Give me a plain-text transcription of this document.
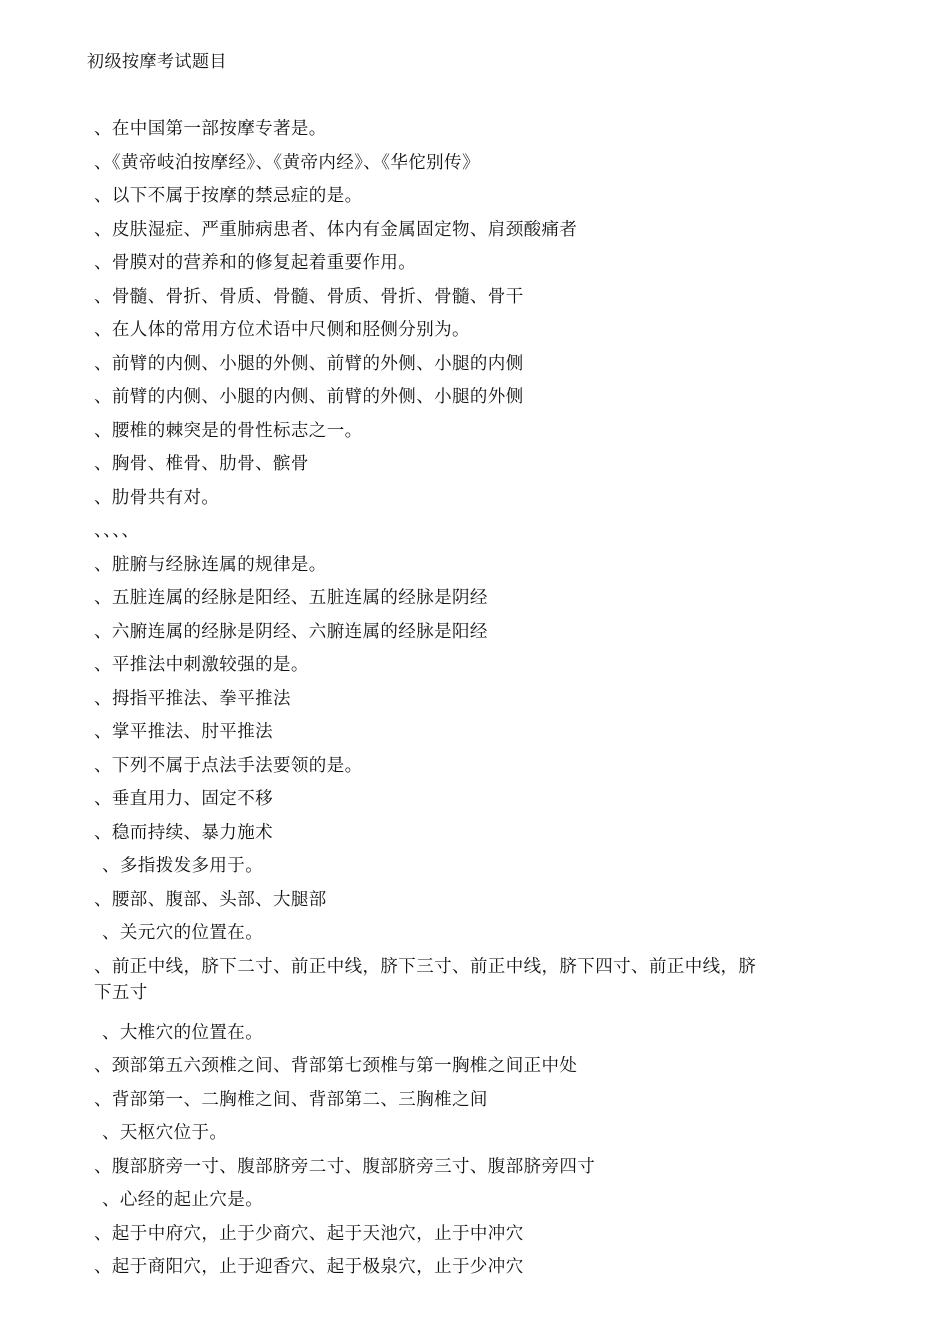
初级按摩考试题目
、在中国第一部按摩专著是。
、《黄帝岐泊按摩经》、《黄帝内经》、《华佗别传》
、以下不属于按摩的禁忌症的是。
、皮肤湿症、严重肺病患者、体内有金属固定物、肩颈酸痛者
、骨膜对的营养和的修复起着重要作用。
、骨髓、骨折、骨质、骨髓、骨质、骨折、骨髓、骨干
、在人体的常用方位术语中尺侧和胫侧分别为。
、前臂的内侧、小腿的外侧、前臂的外侧、小腿的内侧
、前臂的内侧、小腿的内侧、前臂的外侧、小腿的外侧
、腰椎的棘突是的骨性标志之一。
、胸骨、椎骨、肋骨、髌骨
、肋骨共有对。
、、、、
、脏腑与经脉连属的规律是。
、五脏连属的经脉是阳经、五脏连属的经脉是阴经
、六腑连属的经脉是阴经、六腑连属的经脉是阳经
、平推法中刺激较强的是。
、拇指平推法、拳平推法
、掌平推法、肘平推法
、下列不属于点法手法要领的是。
、垂直用力、固定不移
、稳而持续、暴力施术
、多指拨发多用于。
、腰部、腹部、头部、大腿部
、关元穴的位置在。
、前正中线，脐下二寸、前正中线，脐下三寸、前正中线，脐下四寸、前正中线，脐
下五寸
、大椎穴的位置在。
、颈部第五六颈椎之间、背部第七颈椎与第一胸椎之间正中处
、背部第一、二胸椎之间、背部第二、三胸椎之间
、天枢穴位于。
、腹部脐旁一寸、腹部脐旁二寸、腹部脐旁三寸、腹部脐旁四寸
、心经的起止穴是。
、起于中府穴，止于少商穴、起于天池穴，止于中冲穴
、起于商阳穴，止于迎香穴、起于极泉穴，止于少冲穴
